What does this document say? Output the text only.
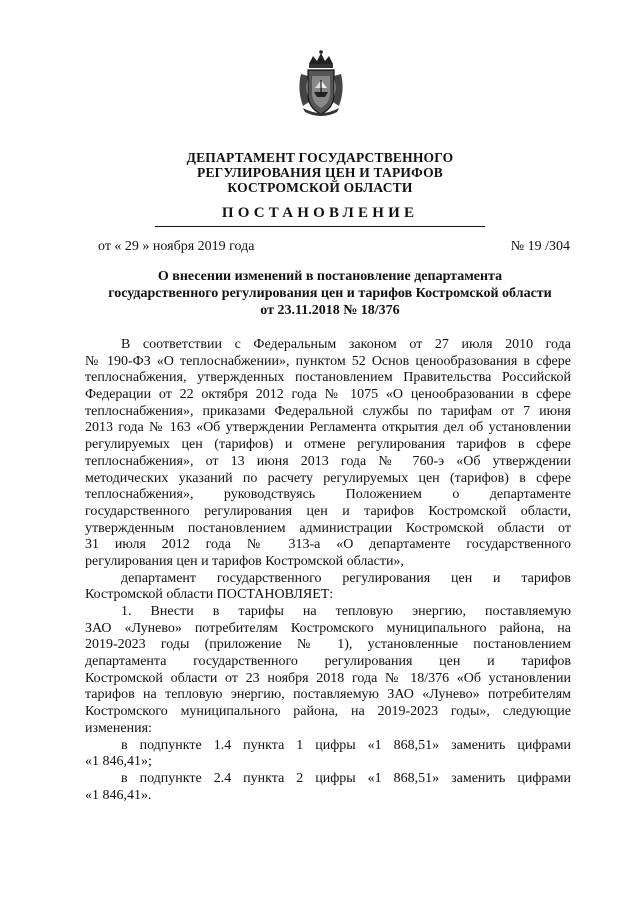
ДЕПАРТАМЕНТ ГОСУДАРСТВЕННОГО
РЕГУЛИРОВАНИЯ ЦЕН И ТАРИФОВ
КОСТРОМСКОЙ ОБЛАСТИ
ПОСТАНОВЛЕНИЕ
от « 29 » ноября 2019 года	№ 19 /304
О внесении изменений в постановление департамента
государственного регулирования цен и тарифов Костромской области
от 23.11.2018 № 18/376
В соответствии с Федеральным законом от 27 июля 2010 года
№ 190-ФЗ «О теплоснабжении», пунктом 52 Основ ценообразования в сфере
теплоснабжения, утвержденных постановлением Правительства Российской
Федерации от 22 октября 2012 года № 1075 «О ценообразовании в сфере
теплоснабжения», приказами Федеральной службы по тарифам от 7 июня
2013 года № 163 «Об утверждении Регламента открытия дел об установлении
регулируемых цен (тарифов) и отмене регулирования тарифов в сфере
теплоснабжения», от 13 июня 2013 года № 760-э «Об утверждении
методических указаний по расчету регулируемых цен (тарифов) в сфере
теплоснабжения», руководствуясь Положением о департаменте
государственного регулирования цен и тарифов Костромской области,
утвержденным постановлением администрации Костромской области от
31 июля 2012 года № 313-а «О департаменте государственного
регулирования цен и тарифов Костромской области»,
департамент государственного регулирования цен и тарифов
Костромской области ПОСТАНОВЛЯЕТ:
1. Внести в тарифы на тепловую энергию, поставляемую
ЗАО «Лунево» потребителям Костромского муниципального района, на
2019-2023 годы (приложение № 1), установленные постановлением
департамента государственного регулирования цен и тарифов
Костромской области от 23 ноября 2018 года № 18/376 «Об установлении
тарифов на тепловую энергию, поставляемую ЗАО «Лунево» потребителям
Костромского муниципального района, на 2019-2023 годы», следующие
изменения:
в подпункте 1.4 пункта 1 цифры «1 868,51» заменить цифрами
«1 846,41»;
в подпункте 2.4 пункта 2 цифры «1 868,51» заменить цифрами
«1 846,41».
